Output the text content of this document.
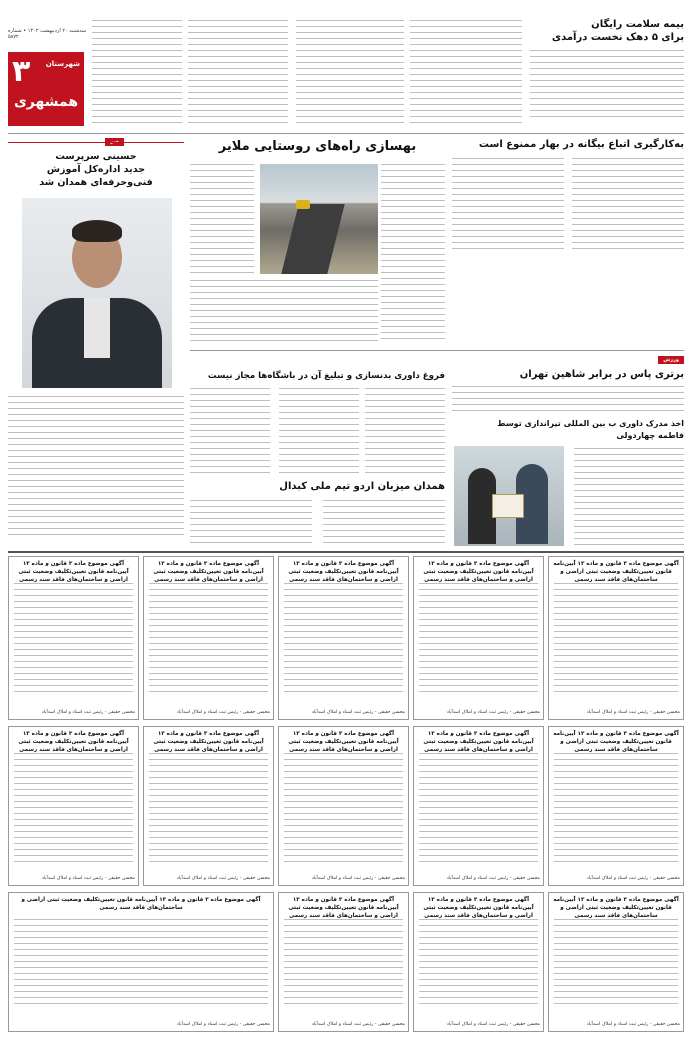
سه‌شنبه ۲۰ اردیبهشت ۱۴۰۲ • شماره ۵۸۷۲
۳ شهرستان
همشهری
بیمه سلامت رایگان
برای ۵ دهک نخست درآمدی
به‌کارگیری اتباع بیگانه در بهار ممنوع است
بهسازی راه‌های روستایی ملایر
حسینی سرپرست
جدید اداره‌کل آموزش
فنی‌وحرفه‌ای همدان شد
ورزش
برتری پاس در برابر شاهین تهران
فروغ داوری بدنسازی و تبلیغ آن در باشگاه‌ها مجاز نیست
اخذ مدرک داوری ب بین المللی تیراندازی توسط
فاطمه چهاردولی
همدان میزبان اردو تیم ملی کبدال
آگهی موضوع ماده ۳ قانون و ماده ۱۳ آیین‌نامه قانون تعیین‌تکلیف وضعیت ثبتی اراضی و ساختمان‌های فاقد سند رسمی
محسن حقیقی - رئیس ثبت اسناد و املاک اسدآباد
آگهی موضوع ماده ۳ قانون و ماده ۱۳ آیین‌نامه قانون تعیین‌تکلیف وضعیت ثبتی اراضی و ساختمان‌های فاقد سند رسمی
محسن حقیقی - رئیس ثبت اسناد و املاک اسدآباد
آگهی موضوع ماده ۳ قانون و ماده ۱۳ آیین‌نامه قانون تعیین‌تکلیف وضعیت ثبتی اراضی و ساختمان‌های فاقد سند رسمی
محسن حقیقی - رئیس ثبت اسناد و املاک اسدآباد
آگهی موضوع ماده ۳ قانون و ماده ۱۳ آیین‌نامه قانون تعیین‌تکلیف وضعیت ثبتی اراضی و ساختمان‌های فاقد سند رسمی
محسن حقیقی - رئیس ثبت اسناد و املاک اسدآباد
آگهی موضوع ماده ۳ قانون و ماده ۱۳ آیین‌نامه قانون تعیین‌تکلیف وضعیت ثبتی اراضی و ساختمان‌های فاقد سند رسمی
محسن حقیقی - رئیس ثبت اسناد و املاک اسدآباد
آگهی موضوع ماده ۳ قانون و ماده ۱۳ آیین‌نامه قانون تعیین‌تکلیف وضعیت ثبتی اراضی و ساختمان‌های فاقد سند رسمی
محسن حقیقی - رئیس ثبت اسناد و املاک اسدآباد
آگهی موضوع ماده ۳ قانون و ماده ۱۳ آیین‌نامه قانون تعیین‌تکلیف وضعیت ثبتی اراضی و ساختمان‌های فاقد سند رسمی
محسن حقیقی - رئیس ثبت اسناد و املاک اسدآباد
آگهی موضوع ماده ۳ قانون و ماده ۱۳ آیین‌نامه قانون تعیین‌تکلیف وضعیت ثبتی اراضی و ساختمان‌های فاقد سند رسمی
محسن حقیقی - رئیس ثبت اسناد و املاک اسدآباد
آگهی موضوع ماده ۳ قانون و ماده ۱۳ آیین‌نامه قانون تعیین‌تکلیف وضعیت ثبتی اراضی و ساختمان‌های فاقد سند رسمی
محسن حقیقی - رئیس ثبت اسناد و املاک اسدآباد
آگهی موضوع ماده ۳ قانون و ماده ۱۳ آیین‌نامه قانون تعیین‌تکلیف وضعیت ثبتی اراضی و ساختمان‌های فاقد سند رسمی
محسن حقیقی - رئیس ثبت اسناد و املاک اسدآباد
آگهی موضوع ماده ۳ قانون و ماده ۱۳ آیین‌نامه قانون تعیین‌تکلیف وضعیت ثبتی اراضی و ساختمان‌های فاقد سند رسمی
محسن حقیقی - رئیس ثبت اسناد و املاک اسدآباد
آگهی موضوع ماده ۳ قانون و ماده ۱۳ آیین‌نامه قانون تعیین‌تکلیف وضعیت ثبتی اراضی و ساختمان‌های فاقد سند رسمی
محسن حقیقی - رئیس ثبت اسناد و املاک اسدآباد
آگهی موضوع ماده ۳ قانون و ماده ۱۳ آیین‌نامه قانون تعیین‌تکلیف وضعیت ثبتی اراضی و ساختمان‌های فاقد سند رسمی
محسن حقیقی - رئیس ثبت اسناد و املاک اسدآباد
آگهی موضوع ماده ۳ قانون و ماده ۱۳ آیین‌نامه قانون تعیین‌تکلیف وضعیت ثبتی اراضی و ساختمان‌های فاقد سند رسمی
محسن حقیقی - رئیس ثبت اسناد و املاک اسدآباد
